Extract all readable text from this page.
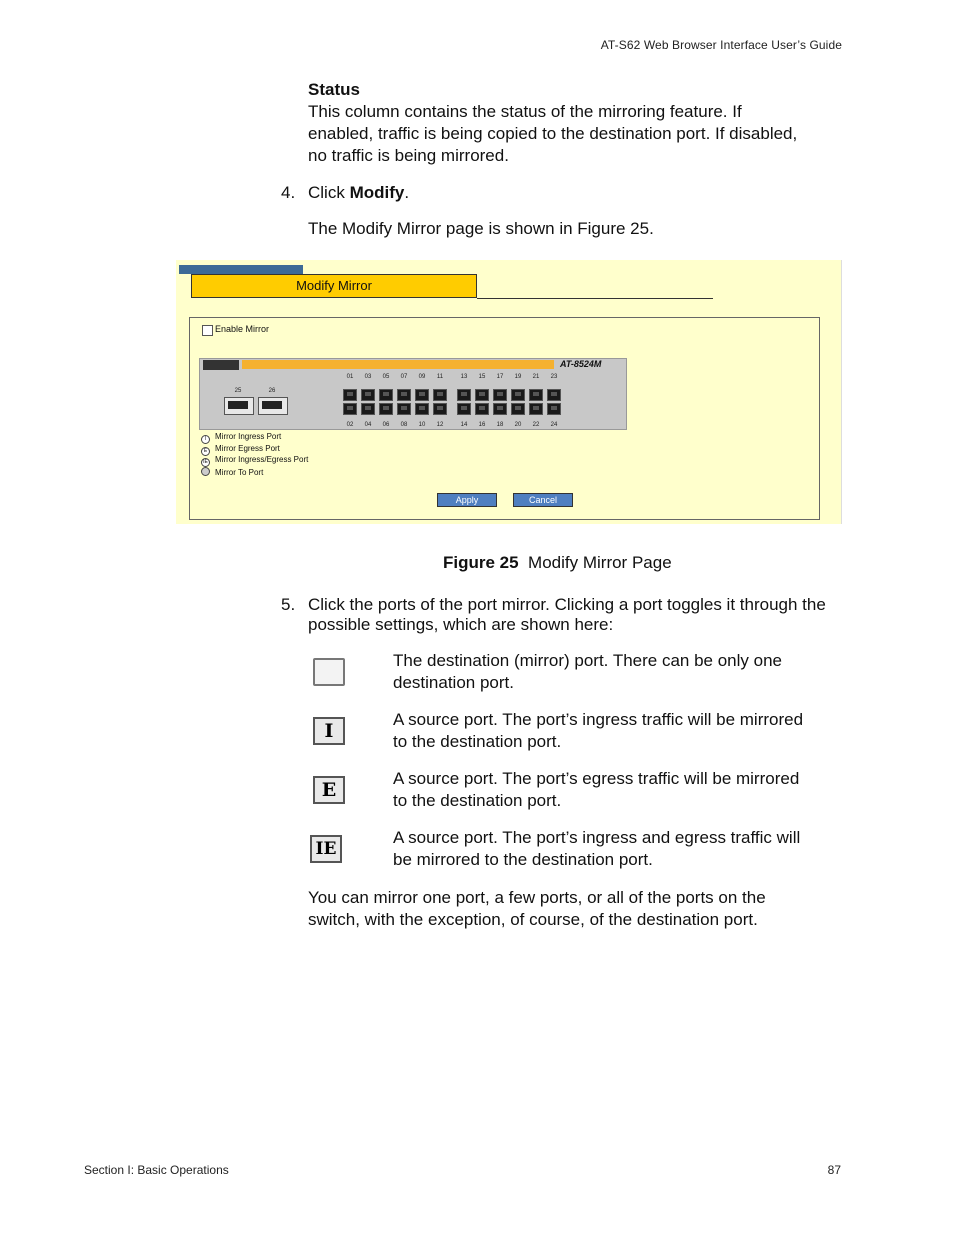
AT-S62 Web Browser Interface User’s Guide
Status
This column contains the status of the mirroring feature. If
enabled, traffic is being copied to the destination port. If disabled,
no traffic is being mirrored.
4. Click Modify.
The Modify Mirror page is shown in Figure 25.
Modify Mirror
Enable Mirror
AT-8524M
25	26
01
02
03
04
05
06
07
08
09
10
11
12
13
14
15
16
17
18
19
20
21
22
23
24
Apply	Cancel
I Mirror Ingress Port
E Mirror Egress Port
IE Mirror Ingress/Egress Port
Mirror To Port
Figure 25 Modify Mirror Page
5. Click the ports of the port mirror. Clicking a port toggles it through the
possible settings, which are shown here:
The destination (mirror) port. There can be only one
destination port.
I
A source port. The port’s ingress traffic will be mirrored
to the destination port.
E
A source port. The port’s egress traffic will be mirrored
to the destination port.
IE
A source port. The port’s ingress and egress traffic will
be mirrored to the destination port.
You can mirror one port, a few ports, or all of the ports on the
switch, with the exception, of course, of the destination port.
Section I: Basic Operations	87
